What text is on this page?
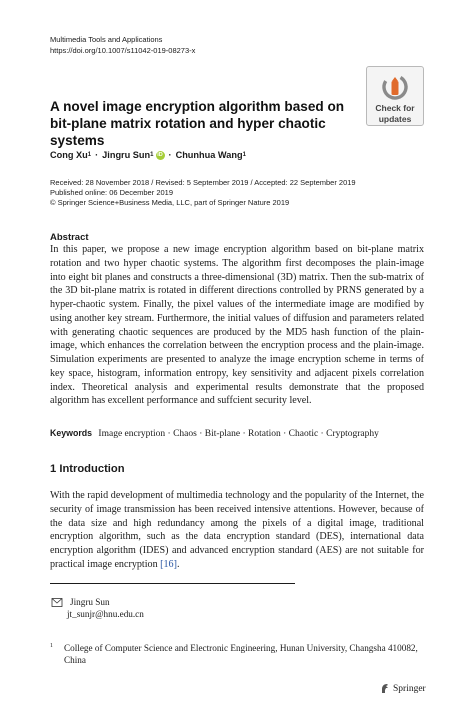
Multimedia Tools and Applications
https://doi.org/10.1007/s11042-019-08273-x
Check for
updates
A novel image encryption algorithm based on bit-plane matrix rotation and hyper chaotic systems
Cong Xu 1 · Jingru Sun 1 iD · Chunhua Wang 1
Received: 28 November 2018 / Revised: 5 September 2019 / Accepted: 22 September 2019
Published online: 06 December 2019
© Springer Science+Business Media, LLC, part of Springer Nature 2019
Abstract
In this paper, we propose a new image encryption algorithm based on bit-plane matrix rotation and two hyper chaotic systems. The algorithm first decomposes the plain-image into eight bit planes and constructs a three-dimensional (3D) matrix. Then the sub-matrix of the 3D bit-plane matrix is rotated in different directions controlled by PRNS generated by a hyper-chaotic system. Finally, the pixel values of the intermediate image are modified by using another key stream. Furthermore, the initial values of diffusion and parameters related with generating chaotic sequences are produced by the MD5 hash function of the plain-image, which enhances the correlation between the encryption process and the plain-image. Simulation experiments are presented to analyze the image encryption scheme in terms of key space, histogram, information entropy, key sensitivity and adjacent pixels correlation index. Theoretical analysis and experimental results demonstrate that the proposed algorithm has excellent performance and suffcient security level.
Keywords Image encryption · Chaos · Bit-plane · Rotation · Chaotic · Cryptography
1 Introduction
With the rapid development of multimedia technology and the popularity of the Internet, the security of image transmission has been received intensive attentions. However, because of the data size and high redundancy among the pixels of a digital image, traditional encryption algorithm, such as the data encryption standard (DES), international data encryption algorithm (IDES) and advanced encryption standard (AES) are not suitable for practical image encryption [16].
Jingru Sun
jt_sunjr@hnu.edu.cn
1	College of Computer Science and Electronic Engineering, Hunan University, Changsha 410082, China
Springer
